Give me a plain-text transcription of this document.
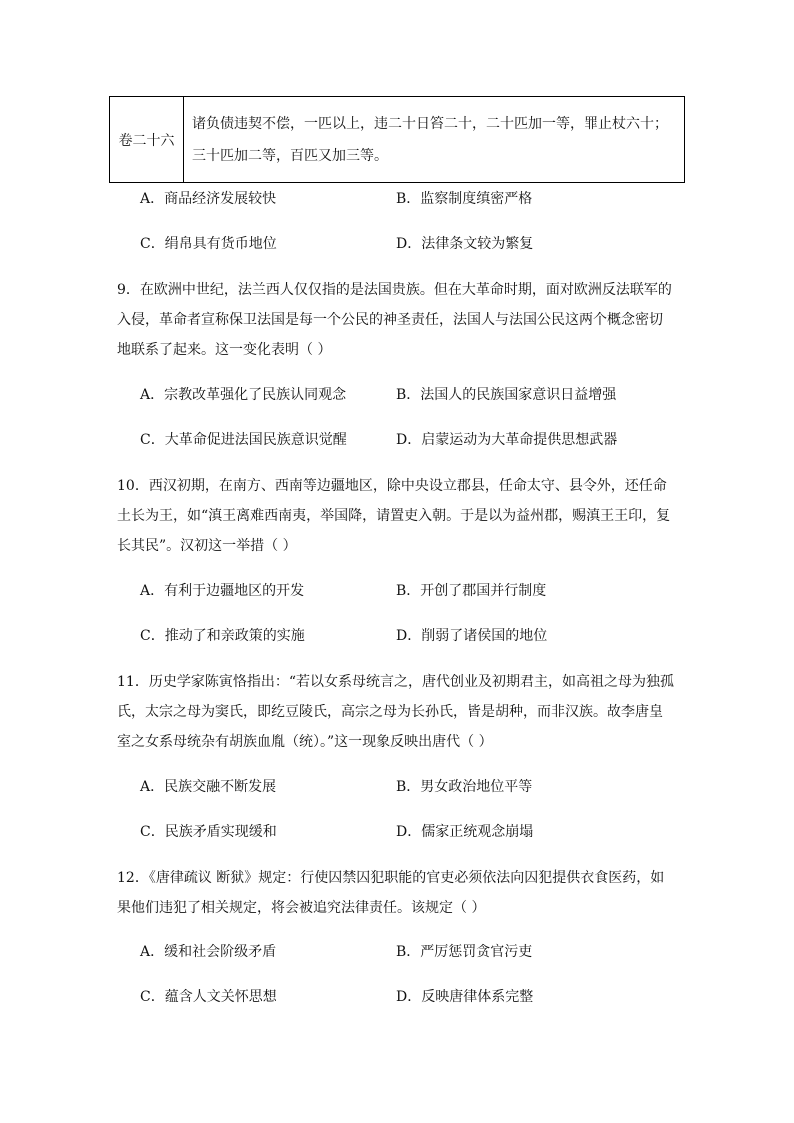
卷二十六	
诸负债违契不偿，一匹以上，违二十日笞二十，二十匹加一等，罪止杖六十；
三十匹加二等，百匹又加三等。
A．商品经济发展较快	B．监察制度缜密严格
C．绢帛具有货币地位	D．法律条文较为繁复
9．在欧洲中世纪，法兰西人仅仅指的是法国贵族。但在大革命时期，面对欧洲反法联军的
入侵，革命者宣称保卫法国是每一个公民的神圣责任，法国人与法国公民这两个概念密切
地联系了起来。这一变化表明（ ）
A．宗教改革强化了民族认同观念	B．法国人的民族国家意识日益增强
C．大革命促进法国民族意识觉醒	D．启蒙运动为大革命提供思想武器
10．西汉初期，在南方、西南等边疆地区，除中央设立郡县，任命太守、县令外，还任命
土长为王，如“滇王离难西南夷，举国降，请置吏入朝。于是以为益州郡，赐滇王王印，复
长其民”。汉初这一举措（ ）
A．有利于边疆地区的开发	B．开创了郡国并行制度
C．推动了和亲政策的实施	D．削弱了诸侯国的地位
11．历史学家陈寅恪指出：“若以女系母统言之，唐代创业及初期君主，如高祖之母为独孤
氏，太宗之母为窦氏，即纥豆陵氏，高宗之母为长孙氏，皆是胡种，而非汉族。故李唐皇
室之女系母统杂有胡族血胤（统）。”这一现象反映出唐代（ ）
A．民族交融不断发展	B．男女政治地位平等
C．民族矛盾实现缓和	D．儒家正统观念崩塌
12．《唐律疏议 断狱》规定：行使囚禁囚犯职能的官吏必须依法向囚犯提供衣食医药，如
果他们违犯了相关规定，将会被追究法律责任。该规定（ ）
A．缓和社会阶级矛盾	B．严厉惩罚贪官污吏
C．蕴含人文关怀思想	D．反映唐律体系完整
